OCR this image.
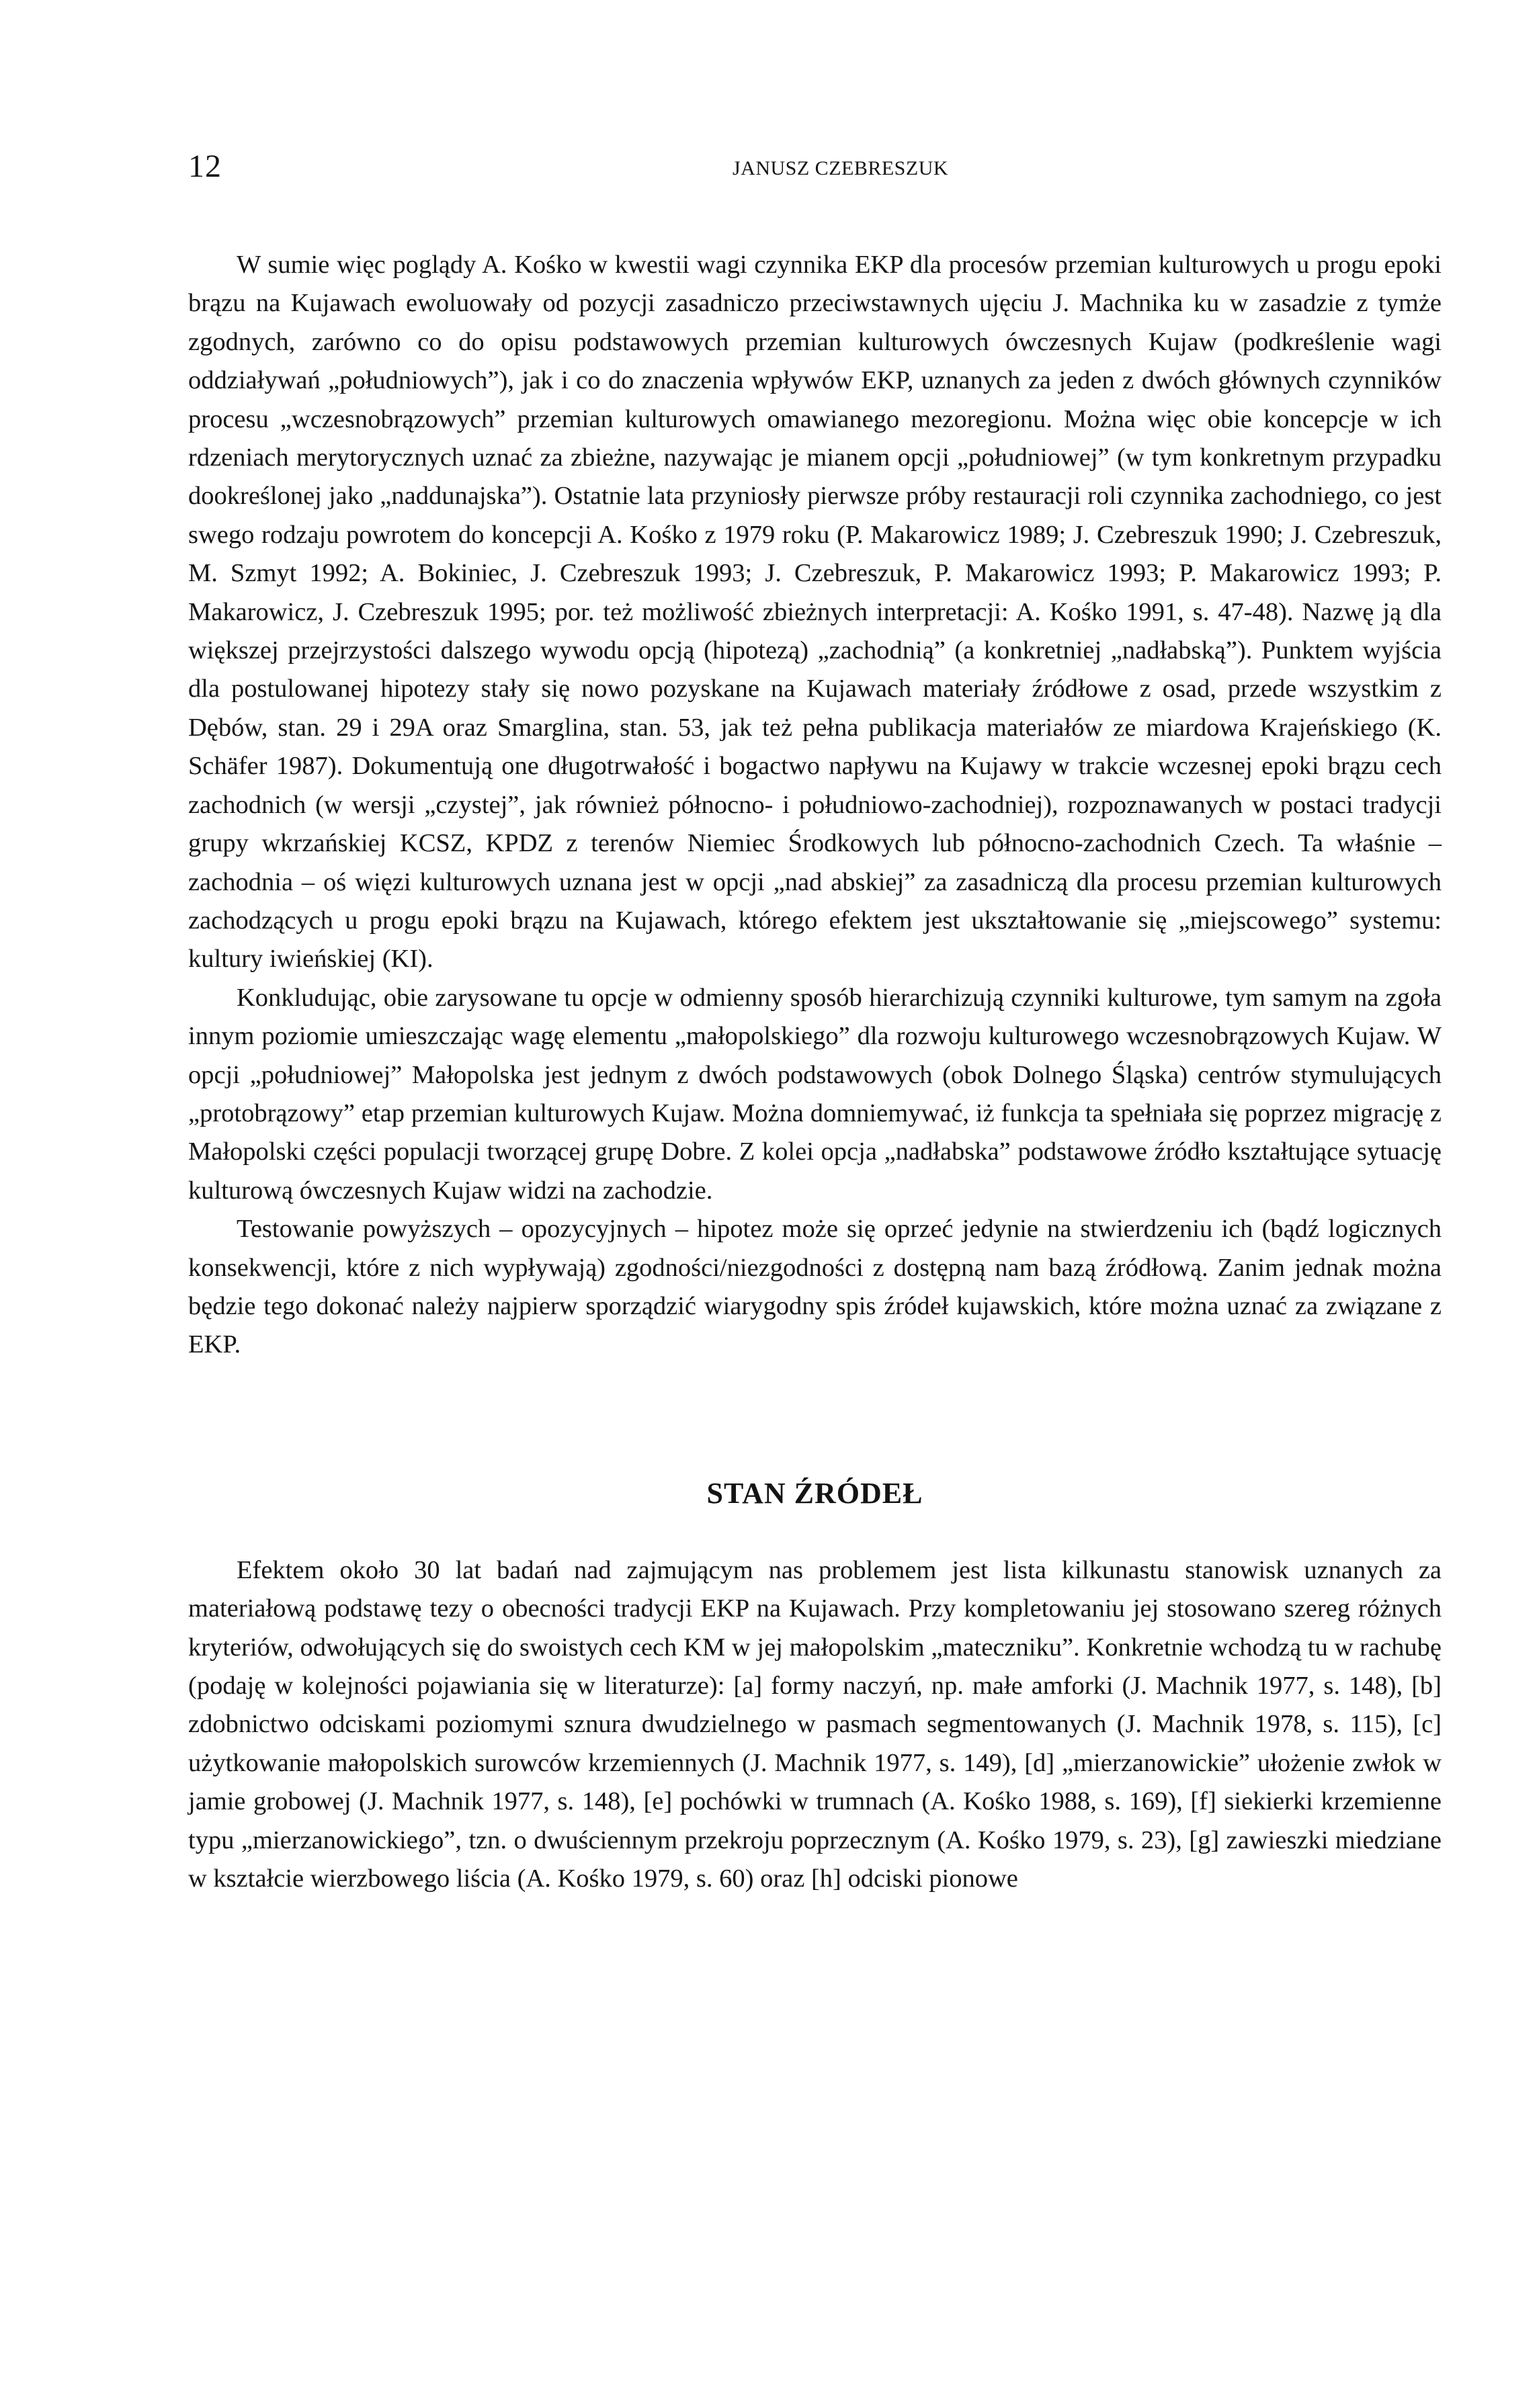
12	JANUSZ CZEBRESZUK

W sumie więc poglądy A. Kośko w kwestii wagi czynnika EKP dla procesów przemian kulturowych u progu epoki brązu na Kujawach ewoluowały od pozycji zasadniczo przeciwstawnych ujęciu J. Machnika ku w zasadzie z tymże zgodnych, zarówno co do opisu podstawowych przemian kulturowych ówczesnych Kujaw (podkreślenie wagi oddziaływań „południowych”), jak i co do znaczenia wpływów EKP, uznanych za jeden z dwóch głównych czynników procesu „wczesnobrązowych” przemian kulturowych omawianego mezoregionu. Można więc obie koncepcje w ich rdzeniach merytorycznych uznać za zbieżne, nazywając je mianem opcji „południowej” (w tym konkretnym przypadku dookreślonej jako „naddunajska”). Ostatnie lata przyniosły pierwsze próby restauracji roli czynnika zachodniego, co jest swego rodzaju powrotem do koncepcji A. Kośko z 1979 roku (P. Makarowicz 1989; J. Czebreszuk 1990; J. Czebreszuk, M. Szmyt 1992; A. Bokiniec, J. Czebreszuk 1993; J. Czebreszuk, P. Makarowicz 1993; P. Makarowicz 1993; P. Makarowicz, J. Czebreszuk 1995; por. też możliwość zbieżnych interpretacji: A. Kośko 1991, s. 47-48). Nazwę ją dla większej przejrzystości dalszego wywodu opcją (hipotezą) „zachodnią” (a konkretniej „nadłabską”). Punktem wyjścia dla postulowanej hipotezy stały się nowo pozyskane na Kujawach materiały źródłowe z osad, przede wszystkim z Dębów, stan. 29 i 29A oraz Smarglina, stan. 53, jak też pełna publikacja materiałów ze miardowa Krajeńskiego (K. Schäfer 1987). Dokumentują one długotrwałość i bogactwo napływu na Kujawy w trakcie wczesnej epoki brązu cech zachodnich (w wersji „czystej”, jak również północno- i południowo-zachodniej), rozpoznawanych w postaci tradycji grupy wkrzańskiej KCSZ, KPDZ z terenów Niemiec Środkowych lub północno-zachodnich Czech. Ta właśnie – zachodnia – oś więzi kulturowych uznana jest w opcji „nad abskiej” za zasadniczą dla procesu przemian kulturowych zachodzących u progu epoki brązu na Kujawach, którego efektem jest ukształtowanie się „miejscowego” systemu: kultury iwieńskiej (KI).

Konkludując, obie zarysowane tu opcje w odmienny sposób hierarchizują czynniki kulturowe, tym samym na zgoła innym poziomie umieszczając wagę elementu „małopolskiego” dla rozwoju kulturowego wczesnobrązowych Kujaw. W opcji „południowej” Małopolska jest jednym z dwóch podstawowych (obok Dolnego Śląska) centrów stymulujących „protobrązowy” etap przemian kulturowych Kujaw. Można domniemywać, iż funkcja ta spełniała się poprzez migrację z Małopolski części populacji tworzącej grupę Dobre. Z kolei opcja „nadłabska” podstawowe źródło kształtujące sytuację kulturową ówczesnych Kujaw widzi na zachodzie.

Testowanie powyższych – opozycyjnych – hipotez może się oprzeć jedynie na stwierdzeniu ich (bądź logicznych konsekwencji, które z nich wypływają) zgodności/niezgodności z dostępną nam bazą źródłową. Zanim jednak można będzie tego dokonać należy najpierw sporządzić wiarygodny spis źródeł kujawskich, które można uznać za związane z EKP.

STAN ŹRÓDEŁ

Efektem około 30 lat badań nad zajmującym nas problemem jest lista kilkunastu stanowisk uznanych za materiałową podstawę tezy o obecności tradycji EKP na Kujawach. Przy kompletowaniu jej stosowano szereg różnych kryteriów, odwołujących się do swoistych cech KM w jej małopolskim „mateczniku”. Konkretnie wchodzą tu w rachubę (podaję w kolejności pojawiania się w literaturze): [a] formy naczyń, np. małe amforki (J. Machnik 1977, s. 148), [b] zdobnictwo odciskami poziomymi sznura dwudzielnego w pasmach segmentowanych (J. Machnik 1978, s. 115), [c] użytkowanie małopolskich surowców krzemiennych (J. Machnik 1977, s. 149), [d] „mierzanowickie” ułożenie zwłok w jamie grobowej (J. Machnik 1977, s. 148), [e] pochówki w trumnach (A. Kośko 1988, s. 169), [f] siekierki krzemienne typu „mierzanowickiego”, tzn. o dwuściennym przekroju poprzecznym (A. Kośko 1979, s. 23), [g] zawieszki miedziane w kształcie wierzbowego liścia (A. Kośko 1979, s. 60) oraz [h] odciski pionowe
